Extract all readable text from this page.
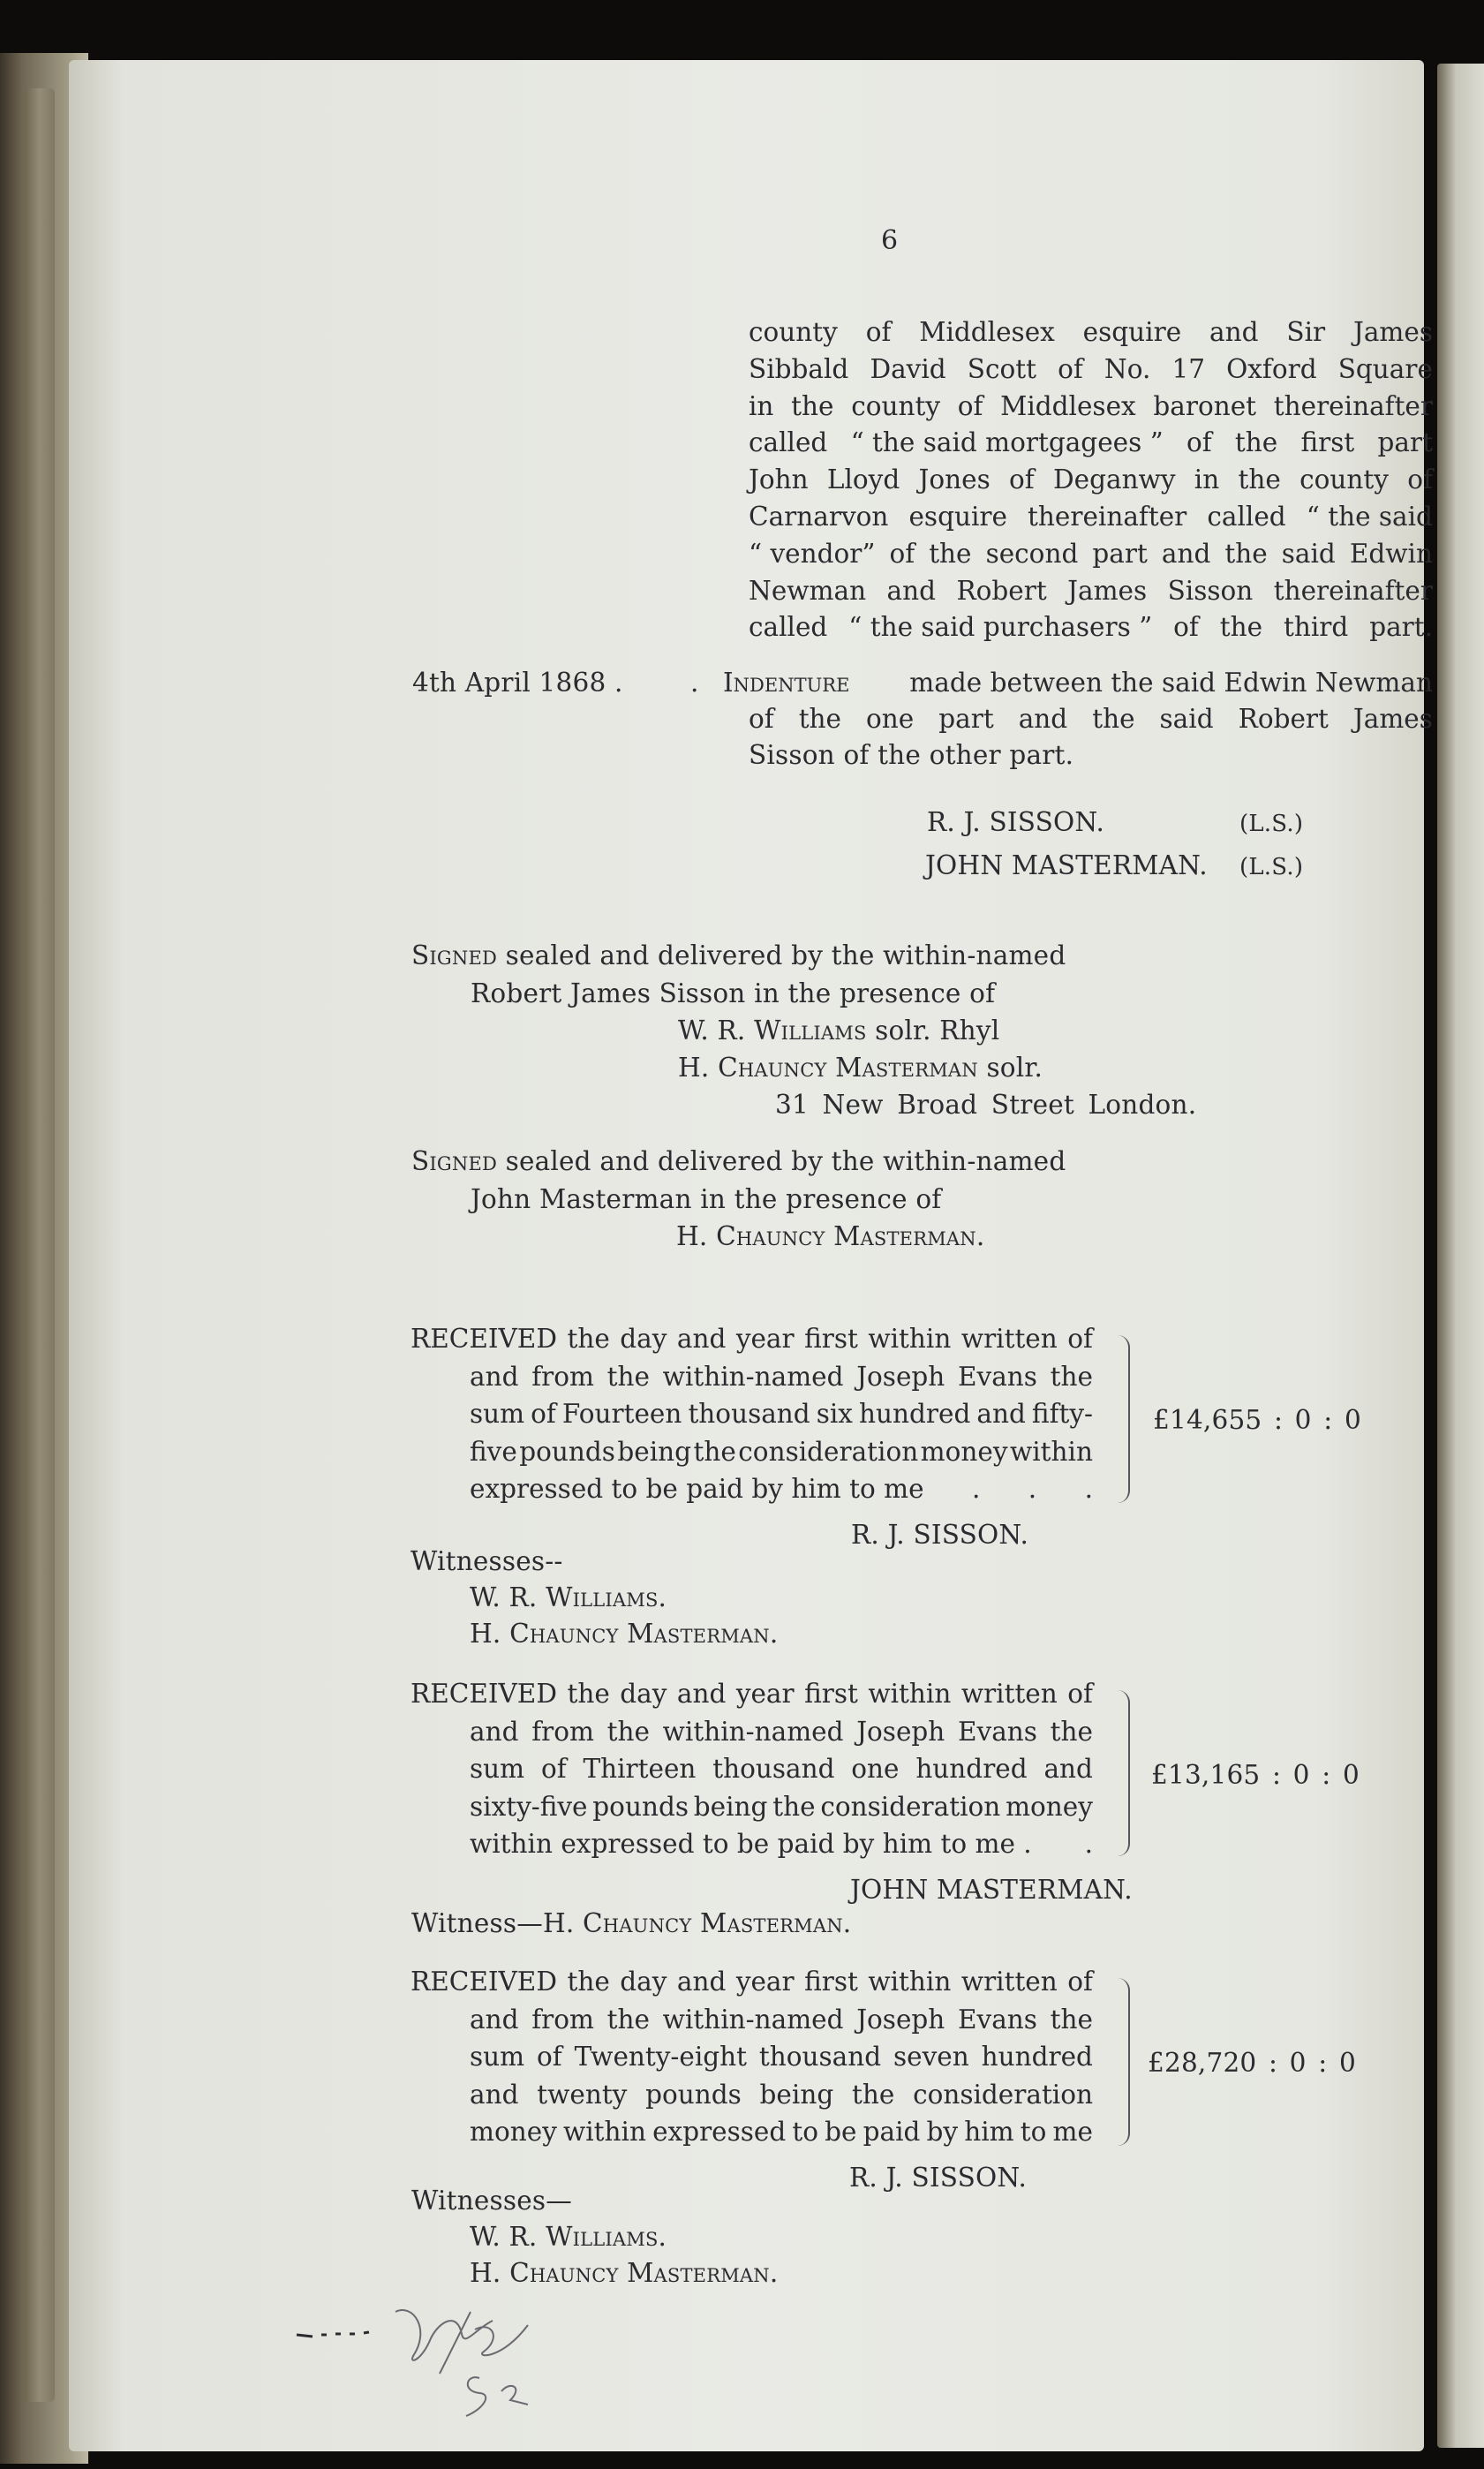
6
county of Middlesex esquire and Sir James
Sibbald David Scott of No. 17 Oxford Square
in the county of Middlesex baronet thereinafter
called “ the said mortgagees ” of the first part
John Lloyd Jones of Deganwy in the county of
Carnarvon esquire thereinafter called “ the said
“ vendor” of the second part and the said Edwin
Newman and Robert James Sisson thereinafter
called “ the said purchasers ” of the third part.
4th April 1868 .	. Indenture made between the said Edwin Newman
of the one part and the said Robert James
Sisson of the other part.
R. J. SISSON.	(L.S.)
JOHN MASTERMAN. (L.S.)
Signed sealed and delivered by the within-named
Robert James Sisson in the presence of
W. R. Williams solr. Rhyl
H. Chauncy Masterman solr.
31 New Broad Street London.
Signed sealed and delivered by the within-named
John Masterman in the presence of
H. Chauncy Masterman.
RECEIVED the day and year first within written of
and from the within-named Joseph Evans the
sum of Fourteen thousand six hundred and fifty-
five pounds being the consideration money within
expressed to be paid by him to me . . .
£14,655 : 0 : 0
R. J. SISSON.
Witnesses--
W. R. Williams.
H. Chauncy Masterman.
RECEIVED the day and year first within written of
and from the within-named Joseph Evans the
sum of Thirteen thousand one hundred and
sixty-five pounds being the consideration money
within expressed to be paid by him to me . .
£13,165 : 0 : 0
JOHN MASTERMAN.
Witness—H. Chauncy Masterman.
RECEIVED the day and year first within written of
and from the within-named Joseph Evans the
sum of Twenty-eight thousand seven hundred
and twenty pounds being the consideration
money within expressed to be paid by him to me
£28,720 : 0 : 0
R. J. SISSON.
Witnesses—
W. R. Williams.
H. Chauncy Masterman.
